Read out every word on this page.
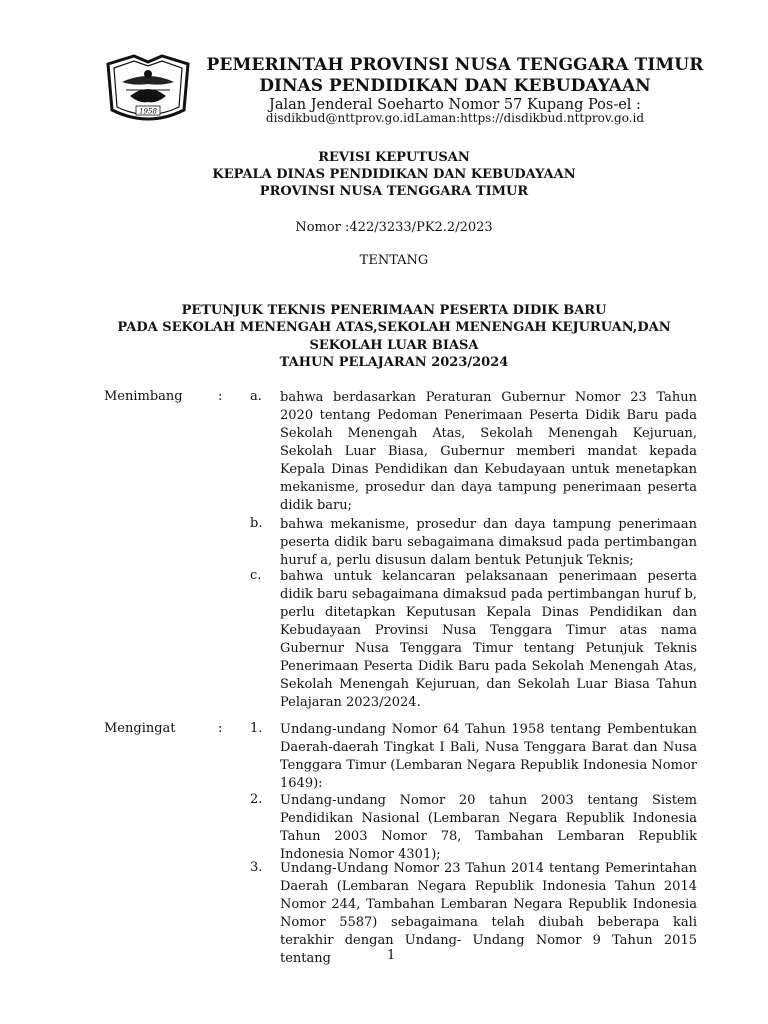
1958
PEMERINTAH PROVINSI NUSA TENGGARA TIMUR
DINAS PENDIDIKAN DAN KEBUDAYAAN
Jalan Jenderal Soeharto Nomor 57 Kupang Pos-el :
disdikbud@nttprov.go.idLaman:https://disdikbud.nttprov.go.id
REVISI KEPUTUSAN
KEPALA DINAS PENDIDIKAN DAN KEBUDAYAAN
PROVINSI NUSA TENGGARA TIMUR
Nomor :422/3233/PK2.2/2023
TENTANG
PETUNJUK TEKNIS PENERIMAAN PESERTA DIDIK BARU
PADA SEKOLAH MENENGAH ATAS,SEKOLAH MENENGAH KEJURUAN,DAN
SEKOLAH LUAR BIASA
TAHUN PELAJARAN 2023/2024
Menimbang	: a. bahwa berdasarkan Peraturan Gubernur Nomor 23 Tahun 2020 tentang Pedoman Penerimaan Peserta Didik Baru pada Sekolah Menengah Atas, Sekolah Menengah Kejuruan, Sekolah Luar Biasa, Gubernur memberi mandat kepada Kepala Dinas Pendidikan dan Kebudayaan untuk menetapkan mekanisme, prosedur dan daya tampung penerimaan peserta didik baru;
b. bahwa mekanisme, prosedur dan daya tampung penerimaan peserta didik baru sebagaimana dimaksud pada pertimbangan huruf a, perlu disusun dalam bentuk Petunjuk Teknis;
c. bahwa untuk kelancaran pelaksanaan penerimaan peserta didik baru sebagaimana dimaksud pada pertimbangan huruf b, perlu ditetapkan Keputusan Kepala Dinas Pendidikan dan Kebudayaan Provinsi Nusa Tenggara Timur atas nama Gubernur Nusa Tenggara Timur tentang Petunjuk Teknis Penerimaan Peserta Didik Baru pada Sekolah Menengah Atas, Sekolah Menengah Kejuruan, dan Sekolah Luar Biasa Tahun Pelajaran 2023/2024.
Mengingat	: 1. Undang-undang Nomor 64 Tahun 1958 tentang Pembentukan Daerah-daerah Tingkat I Bali, Nusa Tenggara Barat dan Nusa Tenggara Timur (Lembaran Negara Republik Indonesia Nomor 1649):
2. Undang-undang Nomor 20 tahun 2003 tentang Sistem Pendidikan Nasional (Lembaran Negara Republik Indonesia Tahun 2003 Nomor 78, Tambahan Lembaran Republik Indonesia Nomor 4301);
3. Undang-Undang Nomor 23 Tahun 2014 tentang Pemerintahan Daerah (Lembaran Negara Republik Indonesia Tahun 2014 Nomor 244, Tambahan Lembaran Negara Republik Indonesia Nomor 5587) sebagaimana telah diubah beberapa kali terakhir dengan Undang- Undang Nomor 9 Tahun 2015 tentang	1
